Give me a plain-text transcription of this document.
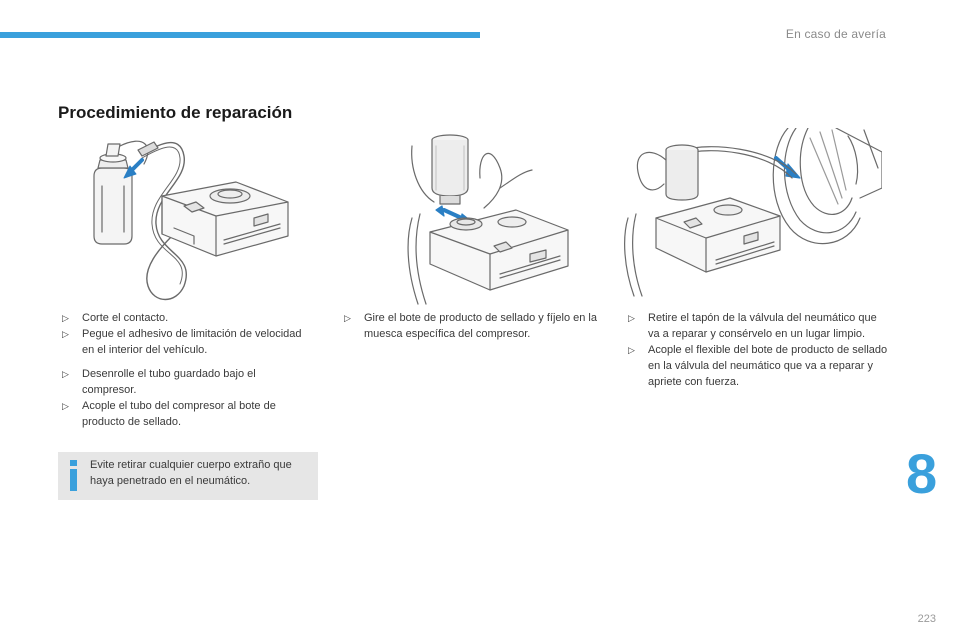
En caso de avería
Procedimiento de reparación
▷ Corte el contacto.
▷ Pegue el adhesivo de limitación de velocidad en el interior del vehículo.
▷ Desenrolle el tubo guardado bajo el compresor.
▷ Acople el tubo del compresor al bote de producto de sellado.
▷ Gire el bote de producto de sellado y fíjelo en la muesca específica del compresor.
▷ Retire el tapón de la válvula del neumático que va a reparar y consérvelo en un lugar limpio.
▷ Acople el flexible del bote de producto de sellado en la válvula del neumático que va a reparar y apriete con fuerza.
Evite retirar cualquier cuerpo extraño que haya penetrado en el neumático.	8
223
